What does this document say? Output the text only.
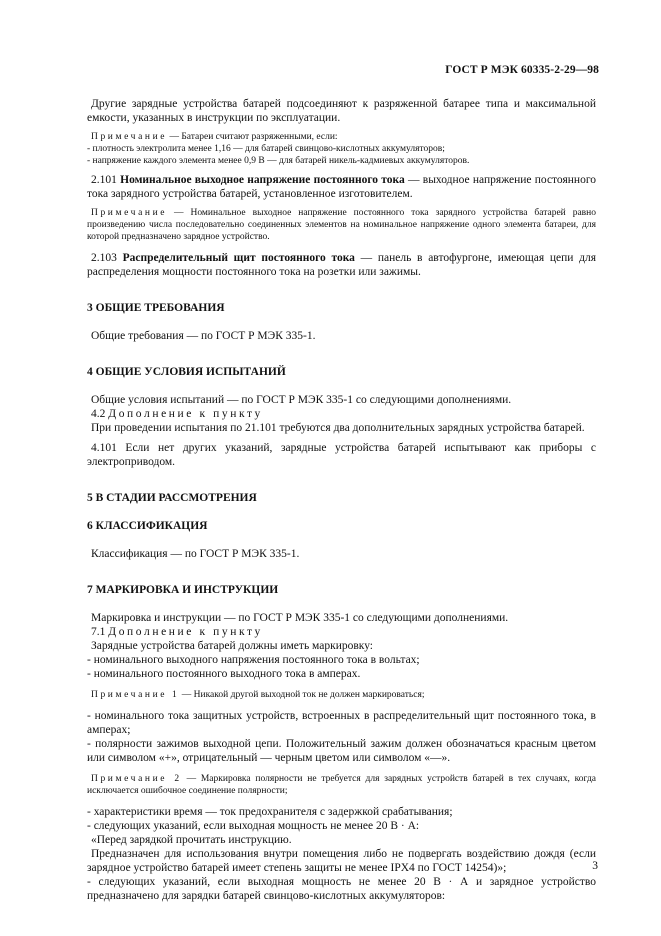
ГОСТ Р МЭК 60335-2-29—98

Другие зарядные устройства батарей подсоединяют к разряженной батарее типа и максимальной емкости, указанных в инструкции по эксплуатации.

Примечание — Батареи считают разряженными, если:

- плотность электролита менее 1,16 — для батарей свинцово-кислотных аккумуляторов;

- напряжение каждого элемента менее 0,9 В — для батарей никель-кадмиевых аккумуляторов.

2.101 Номинальное выходное напряжение постоянного тока — выходное напряжение постоянного тока зарядного устройства батарей, установленное изготовителем.

Примечание — Номинальное выходное напряжение постоянного тока зарядного устройства батарей равно произведению числа последовательно соединенных элементов на номинальное напряжение одного элемента батареи, для которой предназначено зарядное устройство.

2.103 Распределительный щит постоянного тока — панель в автофургоне, имеющая цепи для распределения мощности постоянного тока на розетки или зажимы.

3 ОБЩИЕ ТРЕБОВАНИЯ

Общие требования — по ГОСТ Р МЭК 335-1.

4 ОБЩИЕ УСЛОВИЯ ИСПЫТАНИЙ

Общие условия испытаний — по ГОСТ Р МЭК 335-1 со следующими дополнениями.

4.2 Дополнение к пункту

При проведении испытания по 21.101 требуются два дополнительных зарядных устройства батарей.

4.101 Если нет других указаний, зарядные устройства батарей испытывают как приборы с электроприводом.

5 В СТАДИИ РАССМОТРЕНИЯ
6 КЛАССИФИКАЦИЯ

Классификация — по ГОСТ Р МЭК 335-1.

7 МАРКИРОВКА И ИНСТРУКЦИИ

Маркировка и инструкции — по ГОСТ Р МЭК 335-1 со следующими дополнениями.

7.1 Дополнение к пункту

Зарядные устройства батарей должны иметь маркировку:

- номинального выходного напряжения постоянного тока в вольтах;

- номинального постоянного выходного тока в амперах.

Примечание 1 — Никакой другой выходной ток не должен маркироваться;

- номинального тока защитных устройств, встроенных в распределительный щит постоянного тока, в амперах;

- полярности зажимов выходной цепи. Положительный зажим должен обозначаться красным цветом или символом «+», отрицательный — черным цветом или символом «—».

Примечание 2 — Маркировка полярности не требуется для зарядных устройств батарей в тех случаях, когда исключается ошибочное соединение полярности;

- характеристики время — ток предохранителя с задержкой срабатывания;

- следующих указаний, если выходная мощность не менее 20 В · А:

«Перед зарядкой прочитать инструкцию.

Предназначен для использования внутри помещения либо не подвергать воздействию дождя (если зарядное устройство батарей имеет степень защиты не менее IPX4 по ГОСТ 14254)»;

- следующих указаний, если выходная мощность не менее 20 В · А и зарядное устройство предназначено для зарядки батарей свинцово-кислотных аккумуляторов:

3
